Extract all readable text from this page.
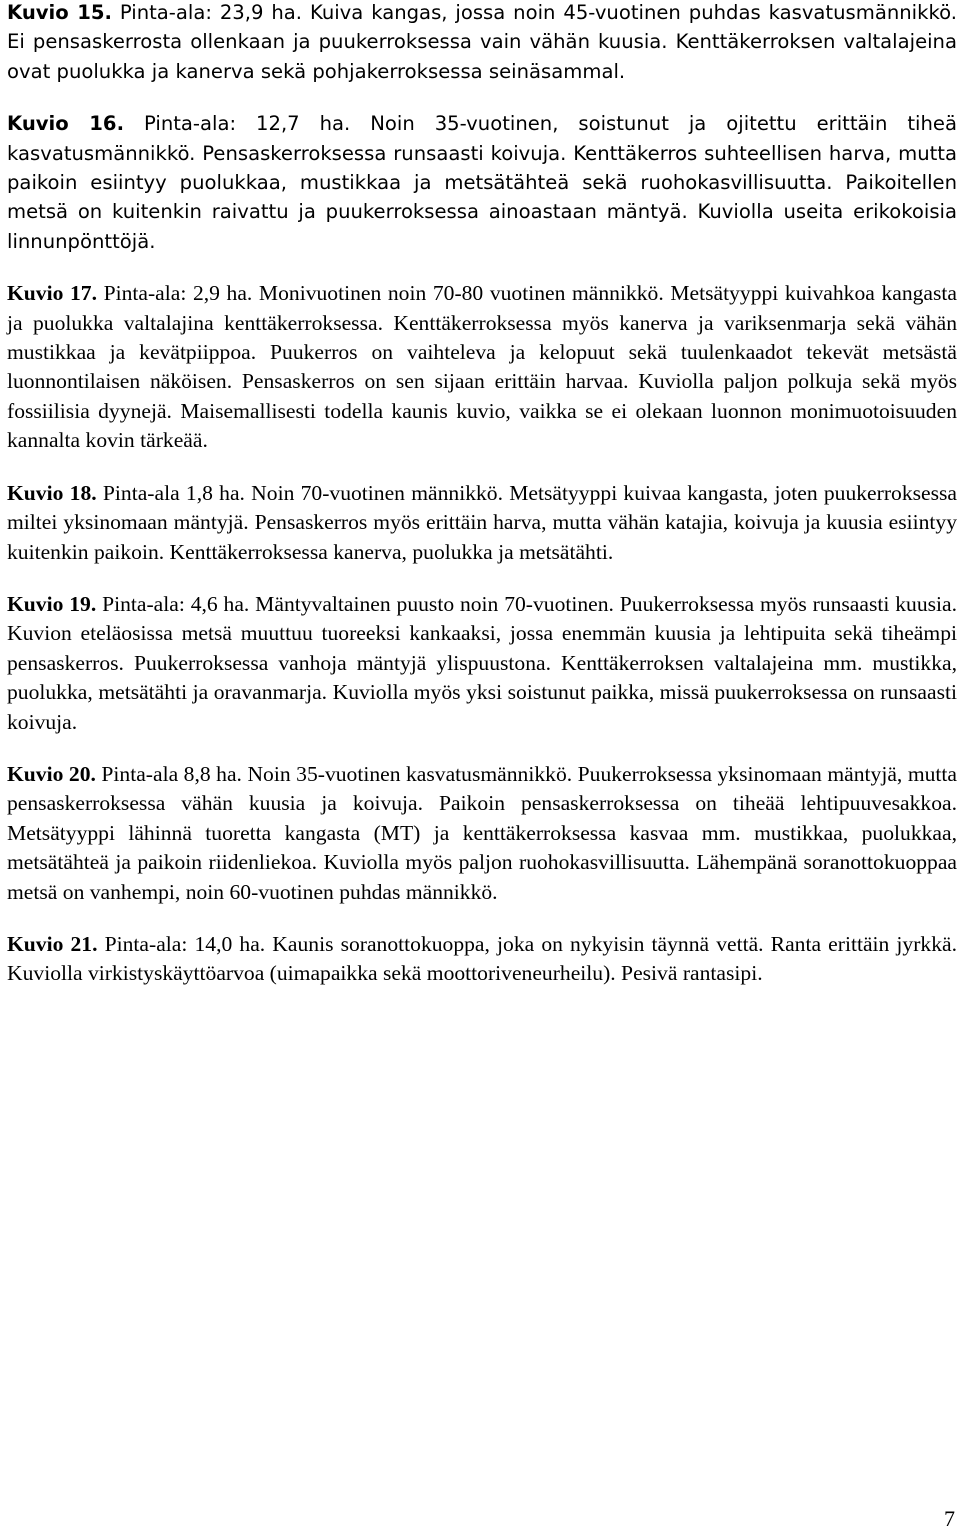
Kuvio 15. Pinta-ala: 23,9 ha. Kuiva kangas, jossa noin 45-vuotinen puhdas kasvatusmännikkö. Ei pensaskerrosta ollenkaan ja puukerroksessa vain vähän kuusia. Kenttäkerroksen valtalajeina ovat puolukka ja kanerva sekä pohjakerroksessa seinäsammal.

Kuvio 16. Pinta-ala: 12,7 ha. Noin 35-vuotinen, soistunut ja ojitettu erittäin tiheä kasvatusmännikkö. Pensaskerroksessa runsaasti koivuja. Kenttäkerros suhteellisen harva, mutta paikoin esiintyy puolukkaa, mustikkaa ja metsätähteä sekä ruohokasvillisuutta. Paikoitellen metsä on kuitenkin raivattu ja puukerroksessa ainoastaan mäntyä. Kuviolla useita erikokoisia linnunpönttöjä.

Kuvio 17. Pinta-ala: 2,9 ha. Monivuotinen noin 70-80 vuotinen männikkö. Metsätyyppi kuivahkoa kangasta ja puolukka valtalajina kenttäkerroksessa. Kenttäkerroksessa myös kanerva ja variksenmarja sekä vähän mustikkaa ja kevätpiippoa. Puukerros on vaihteleva ja kelopuut sekä tuulenkaadot tekevät metsästä luonnontilaisen näköisen. Pensaskerros on sen sijaan erittäin harvaa. Kuviolla paljon polkuja sekä myös fossiilisia dyynejä. Maisemallisesti todella kaunis kuvio, vaikka se ei olekaan luonnon monimuotoisuuden kannalta kovin tärkeää.

Kuvio 18. Pinta-ala 1,8 ha. Noin 70-vuotinen männikkö. Metsätyyppi kuivaa kangasta, joten puukerroksessa miltei yksinomaan mäntyjä. Pensaskerros myös erittäin harva, mutta vähän katajia, koivuja ja kuusia esiintyy kuitenkin paikoin. Kenttäkerroksessa kanerva, puolukka ja metsätähti.

Kuvio 19. Pinta-ala: 4,6 ha. Mäntyvaltainen puusto noin 70-vuotinen. Puukerroksessa myös runsaasti kuusia. Kuvion eteläosissa metsä muuttuu tuoreeksi kankaaksi, jossa enemmän kuusia ja lehtipuita sekä tiheämpi pensaskerros. Puukerroksessa vanhoja mäntyjä ylispuustona. Kenttäkerroksen valtalajeina mm. mustikka, puolukka, metsätähti ja oravanmarja. Kuviolla myös yksi soistunut paikka, missä puukerroksessa on runsaasti koivuja.

Kuvio 20. Pinta-ala 8,8 ha. Noin 35-vuotinen kasvatusmännikkö. Puukerroksessa yksinomaan mäntyjä, mutta pensaskerroksessa vähän kuusia ja koivuja. Paikoin pensaskerroksessa on tiheää lehtipuuvesakkoa. Metsätyyppi lähinnä tuoretta kangasta (MT) ja kenttäkerroksessa kasvaa mm. mustikkaa, puolukkaa, metsätähteä ja paikoin riidenliekoa. Kuviolla myös paljon ruohokasvillisuutta. Lähempänä soranottokuoppaa metsä on vanhempi, noin 60-vuotinen puhdas männikkö.

Kuvio 21. Pinta-ala: 14,0 ha. Kaunis soranottokuoppa, joka on nykyisin täynnä vettä. Ranta erittäin jyrkkä. Kuviolla virkistyskäyttöarvoa (uimapaikka sekä moottoriveneurheilu). Pesivä rantasipi.

7
